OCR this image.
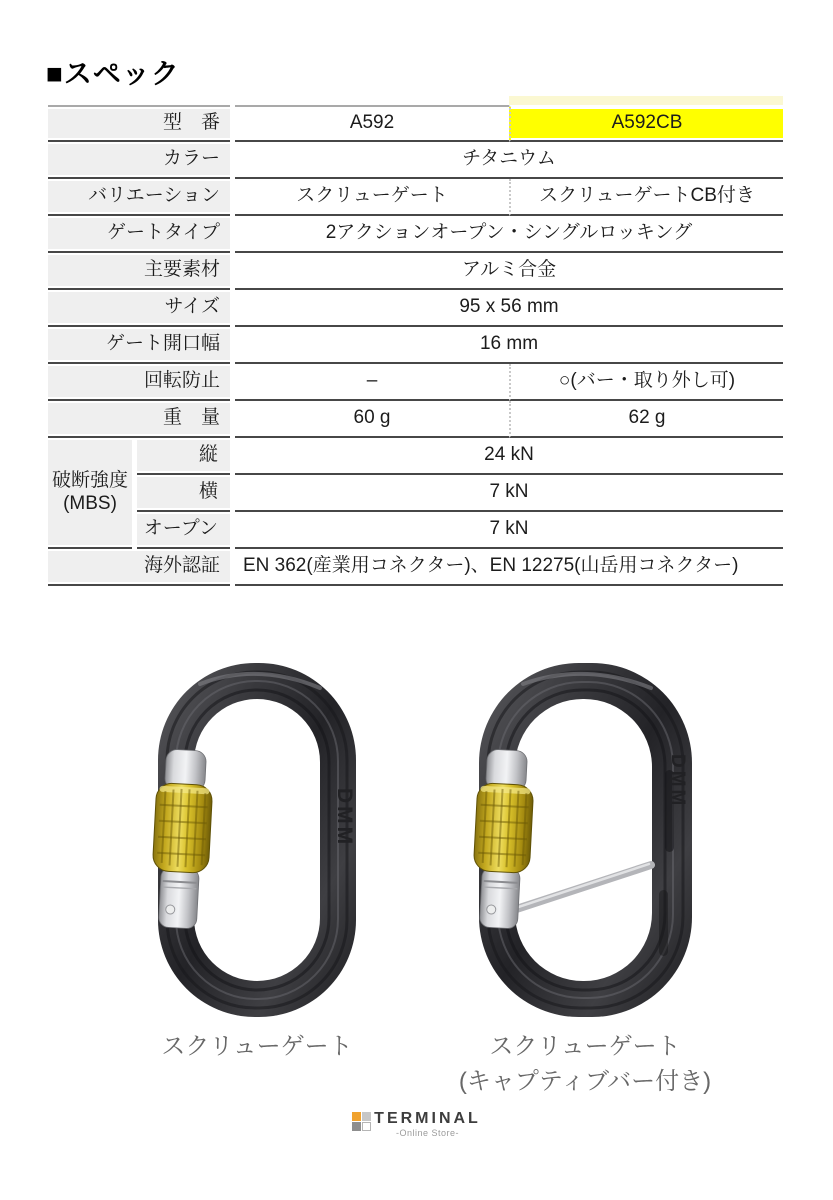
■スペック
型　番	A592	A592CB
カラー	チタニウム
バリエーション	スクリューゲート	スクリューゲートCB付き
ゲートタイプ	2アクションオープン・シングルロッキング
主要素材	アルミ合金
サイズ	95 x 56 mm
ゲート開口幅	16 mm
回転防止	–	○(バー・取り外し可)
重　量	60 g	62 g
破断強度
(MBS)
縦	24 kN
横	7 kN
オープン	7 kN
海外認証	EN 362(産業用コネクター)、EN 12275(山岳用コネクター)
DMM
スクリューゲート
DMM
スクリューゲート
(キャプティブバー付き)
TERMINAL
-Online Store-
